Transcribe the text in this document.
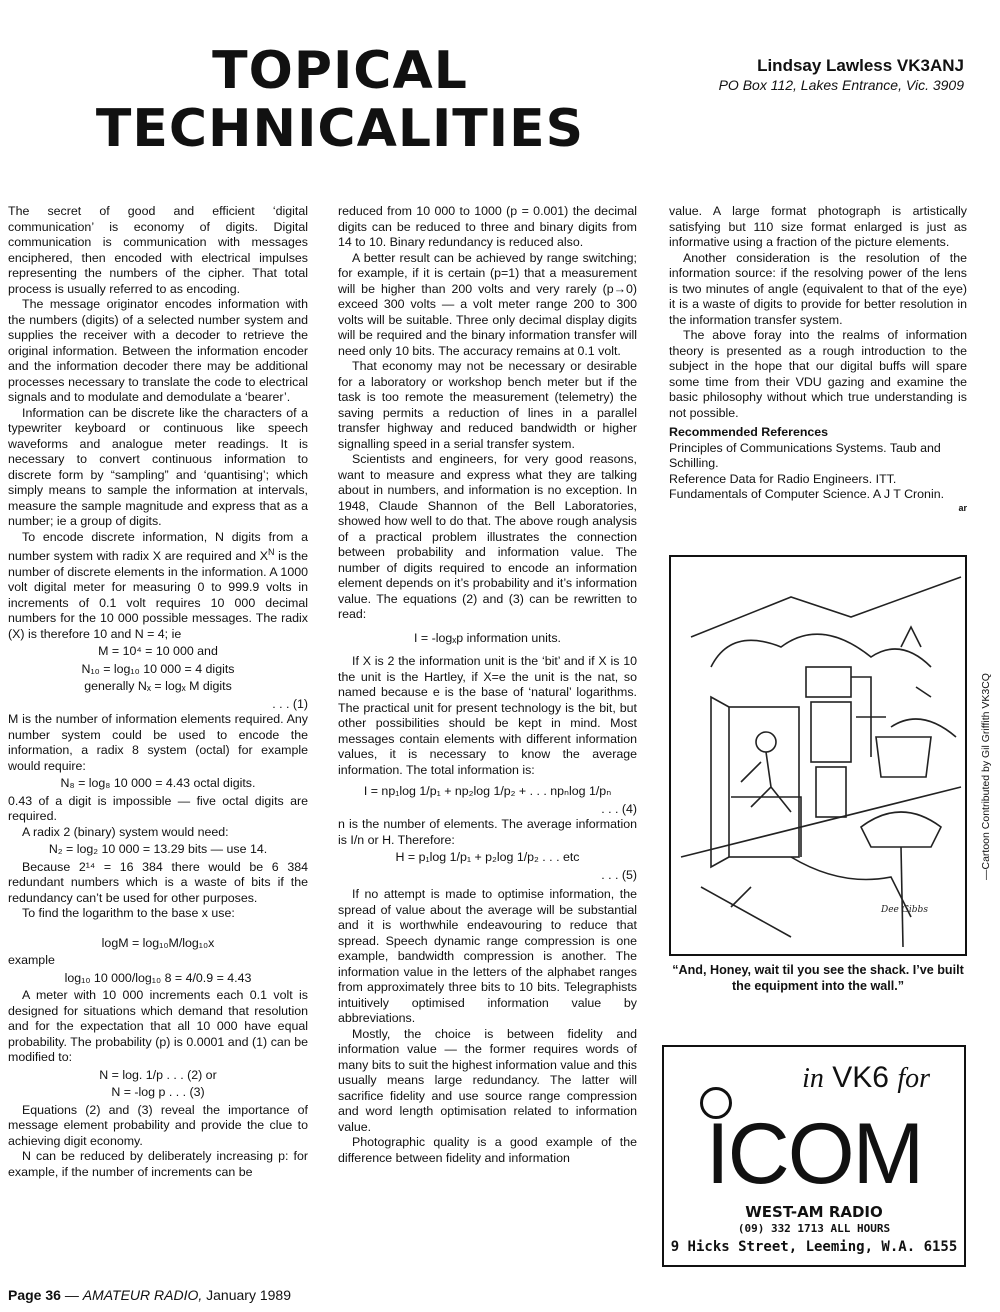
TOPICAL
TECHNICALITIES
Lindsay Lawless VK3ANJ
PO Box 112, Lakes Entrance, Vic. 3909

The secret of good and efficient ‘digital communication’ is economy of digits. Digital communication is communication with messages enciphered, then encoded with electrical impulses representing the numbers of the cipher. That total process is usually referred to as encoding.

The message originator encodes information with the numbers (digits) of a selected number system and supplies the receiver with a decoder to retrieve the original information. Between the information encoder and the information decoder there may be additional processes necessary to translate the code to electrical signals and to modulate and demodulate a ‘bearer’.

Information can be discrete like the characters of a typewriter keyboard or continuous like speech waveforms and analogue meter readings. It is necessary to convert continuous information to discrete form by “sampling” and ‘quantising’; which simply means to sample the information at intervals, measure the sample magnitude and express that as a number; ie a group of digits.

To encode discrete information, N digits from a number system with radix X are required and $X^N$ is the number of discrete elements in the information. A 1000 volt digital meter for measuring 0 to 999.9 volts in increments of 0.1 volt requires 10 000 decimal numbers for the 10 000 possible messages. The radix (X) is therefore 10 and N = 4; ie

M = 10⁴ = 10 000 and
N₁₀ = log₁₀ 10 000 = 4 digits
generally Nₓ = logₓ M digits
. . . (1)

M is the number of information elements required. Any number system could be used to encode the information, a radix 8 system (octal) for example would require:

N₈ = log₈ 10 000 = 4.43 octal digits.

0.43 of a digit is impossible — five octal digits are required.

A radix 2 (binary) system would need:

N₂ = log₂ 10 000 = 13.29 bits — use 14.

Because 2¹⁴ = 16 384 there would be 6 384 redundant numbers which is a waste of bits if the redundancy can’t be used for other purposes.

To find the logarithm to the base x use:

logM = log₁₀M/log₁₀x

example

log₁₀ 10 000/log₁₀ 8 = 4/0.9 = 4.43

A meter with 10 000 increments each 0.1 volt is designed for situations which demand that resolution and for the expectation that all 10 000 have equal probability. The probability (p) is 0.0001 and (1) can be modified to:

N = log. 1/p . . . (2) or
N = -log p . . . (3)

Equations (2) and (3) reveal the importance of message element probability and provide the clue to achieving digit economy.

N can be reduced by deliberately increasing p: for example, if the number of increments can be

reduced from 10 000 to 1000 (p = 0.001) the decimal digits can be reduced to three and binary digits from 14 to 10. Binary redundancy is reduced also.

A better result can be achieved by range switching; for example, if it is certain (p=1) that a measurement will be higher than 200 volts and very rarely (p→0) exceed 300 volts — a volt meter range 200 to 300 volts will be suitable. Three only decimal display digits will be required and the binary information transfer will need only 10 bits. The accuracy remains at 0.1 volt.

That economy may not be necessary or desirable for a laboratory or workshop bench meter but if the task is too remote the measurement (telemetry) the saving permits a reduction of lines in a parallel transfer highway and reduced bandwidth or higher signalling speed in a serial transfer system.

Scientists and engineers, for very good reasons, want to measure and express what they are talking about in numbers, and information is no exception. In 1948, Claude Shannon of the Bell Laboratories, showed how well to do that. The above rough analysis of a practical problem illustrates the connection between probability and information value. The number of digits required to encode an information element depends on it’s probability and it’s information value. The equations (2) and (3) can be rewritten to read:

I = -logₓp information units.

If X is 2 the information unit is the ‘bit’ and if X is 10 the unit is the Hartley, if X=e the unit is the nat, so named because e is the base of ‘natural’ logarithms. The practical unit for present technology is the bit, but other possibilities should be kept in mind. Most messages contain elements with different information values, it is necessary to know the average information. The total information is:

I = np₁log 1/p₁ + np₂log 1/p₂ + . . . npₙlog 1/pₙ
. . . (4)

n is the number of elements. The average information is I/n or H. Therefore:

H = p₁log 1/p₁ + p₂log 1/p₂ . . . etc
. . . (5)

If no attempt is made to optimise information, the spread of value about the average will be substantial and it is worthwhile endeavouring to reduce that spread. Speech dynamic range compression is one example, bandwidth compression is another. The information value in the letters of the alphabet ranges from approximately three bits to 10 bits. Telegraphists intuitively optimised information value by abbreviations.

Mostly, the choice is between fidelity and information value — the former requires words of many bits to suit the highest information value and this usually means large redundancy. The latter will sacrifice fidelity and use source range compression and word length optimisation related to information value.

Photographic quality is a good example of the difference between fidelity and information

value. A large format photograph is artistically satisfying but 110 size format enlarged is just as informative using a fraction of the picture elements.

Another consideration is the resolution of the information source: if the resolving power of the lens is two minutes of angle (equivalent to that of the eye) it is a waste of digits to provide for better resolution in the information transfer system.

The above foray into the realms of information theory is presented as a rough introduction to the subject in the hope that our digital buffs will spare some time from their VDU gazing and examine the basic philosophy without which true understanding is not possible.

Recommended References

Principles of Communications Systems. Taub and Schilling.

Reference Data for Radio Engineers. ITT.

Fundamentals of Computer Science. A J T Cronin.

ar
Dee Gibbs
“And, Honey, wait til you see the shack. I’ve built the equipment into the wall.”
—Cartoon Contributed by Gil Griffith VK3CQ
in VK6 for
ICOM
WEST-AM RADIO
(09) 332 1713 ALL HOURS
9 Hicks Street, Leeming, W.A. 6155
Page 36 — AMATEUR RADIO, January 1989
